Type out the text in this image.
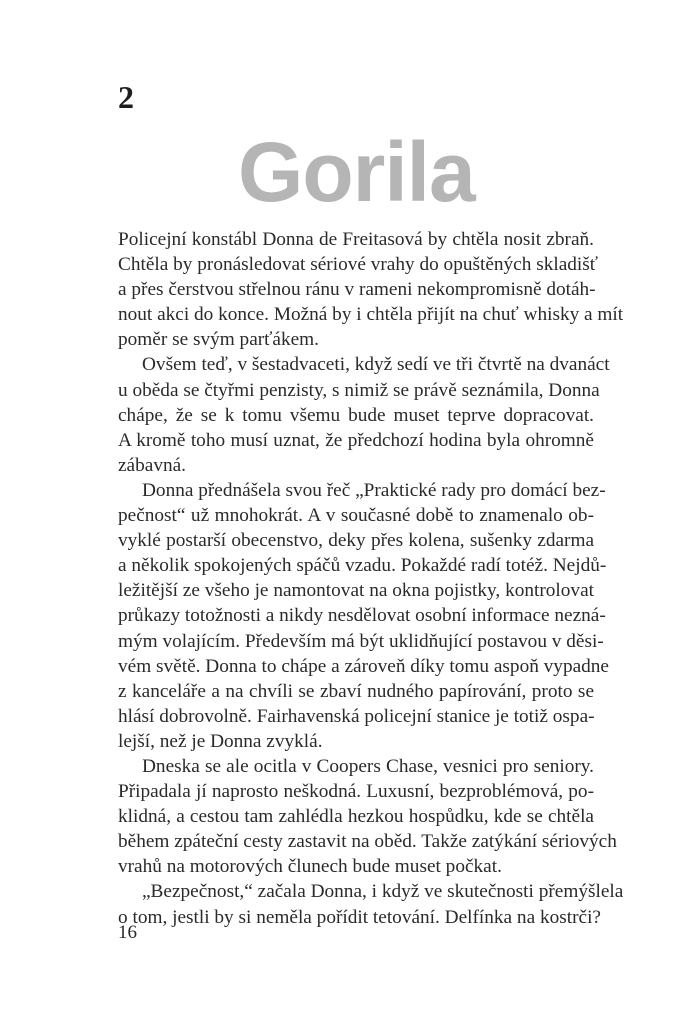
2
Gorila
Policejní konstábl Donna de Freitasová by chtěla nosit zbraň.
Chtěla by pronásledovat sériové vrahy do opuštěných skladišť
a přes čerstvou střelnou ránu v rameni nekompromisně dotáh-
nout akci do konce. Možná by i chtěla přijít na chuť whisky a mít
poměr se svým parťákem.
Ovšem teď, v šestadvaceti, když sedí ve tři čtvrtě na dvanáct
u oběda se čtyřmi penzisty, s nimiž se právě seznámila, Donna
chápe, že se k tomu všemu bude muset teprve dopracovat.
A kromě toho musí uznat, že předchozí hodina byla ohromně
zábavná.
Donna přednášela svou řeč „Praktické rady pro domácí bez-
pečnost“ už mnohokrát. A v současné době to znamenalo ob-
vyklé postarší obecenstvo, deky přes kolena, sušenky zdarma
a několik spokojených spáčů vzadu. Pokaždé radí totéž. Nejdů-
ležitější ze všeho je namontovat na okna pojistky, kontrolovat
průkazy totožnosti a nikdy nesdělovat osobní informace nezná-
mým volajícím. Především má být uklidňující postavou v děsi-
vém světě. Donna to chápe a zároveň díky tomu aspoň vypadne
z kanceláře a na chvíli se zbaví nudného papírování, proto se
hlásí dobrovolně. Fairhavenská policejní stanice je totiž ospa-
lejší, než je Donna zvyklá.
Dneska se ale ocitla v Coopers Chase, vesnici pro seniory.
Připadala jí naprosto neškodná. Luxusní, bezproblémová, po-
klidná, a cestou tam zahlédla hezkou hospůdku, kde se chtěla
během zpáteční cesty zastavit na oběd. Takže zatýkání sériových
vrahů na motorových člunech bude muset počkat.
„Bezpečnost,“ začala Donna, i když ve skutečnosti přemýšlela
o tom, jestli by si neměla pořídit tetování. Delfínka na kostrči?
16
